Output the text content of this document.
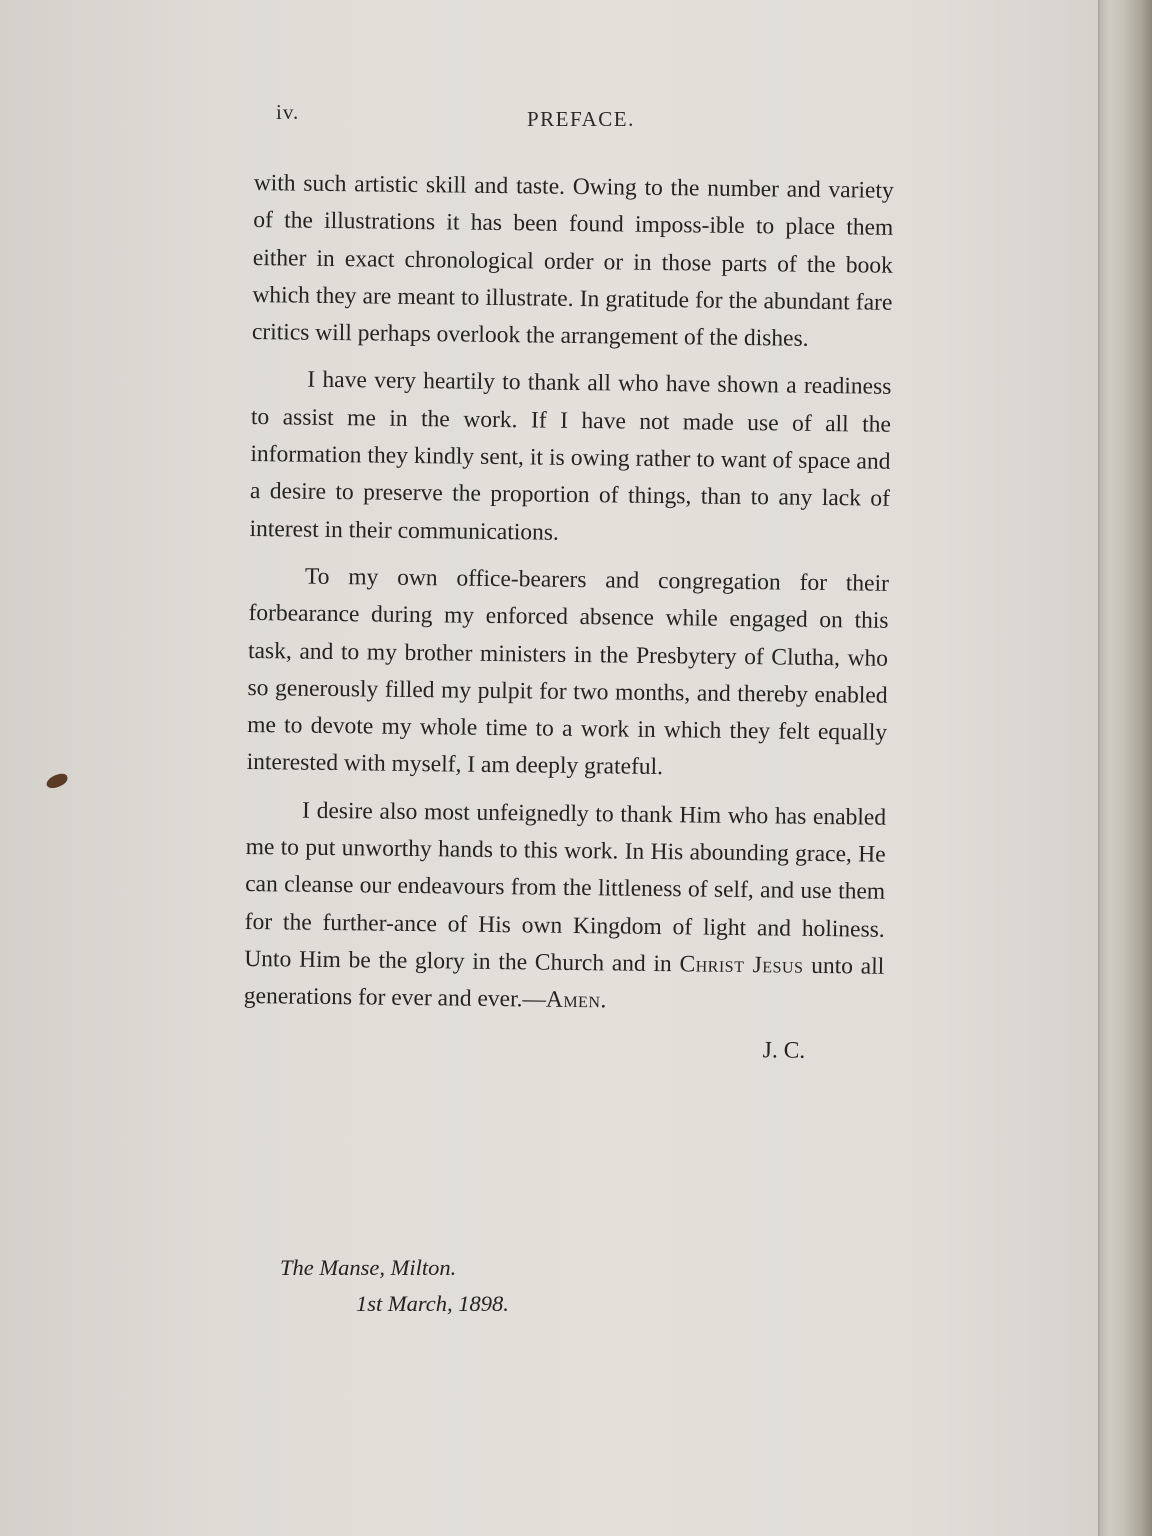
iv.	PREFACE.

with such artistic skill and taste. Owing to the number and variety of the illustrations it has been found imposs-ible to place them either in exact chronological order or in those parts of the book which they are meant to illustrate. In gratitude for the abundant fare critics will perhaps overlook the arrangement of the dishes.

I have very heartily to thank all who have shown a readiness to assist me in the work. If I have not made use of all the information they kindly sent, it is owing rather to want of space and a desire to preserve the proportion of things, than to any lack of interest in their communications.

To my own office-bearers and congregation for their forbearance during my enforced absence while engaged on this task, and to my brother ministers in the Presbytery of Clutha, who so generously filled my pulpit for two months, and thereby enabled me to devote my whole time to a work in which they felt equally interested with myself, I am deeply grateful.

I desire also most unfeignedly to thank Him who has enabled me to put unworthy hands to this work. In His abounding grace, He can cleanse our endeavours from the littleness of self, and use them for the further-ance of His own Kingdom of light and holiness. Unto Him be the glory in the Church and in Christ Jesus unto all generations for ever and ever.—Amen.

J. C.
The Manse, Milton.
1st March, 1898.
